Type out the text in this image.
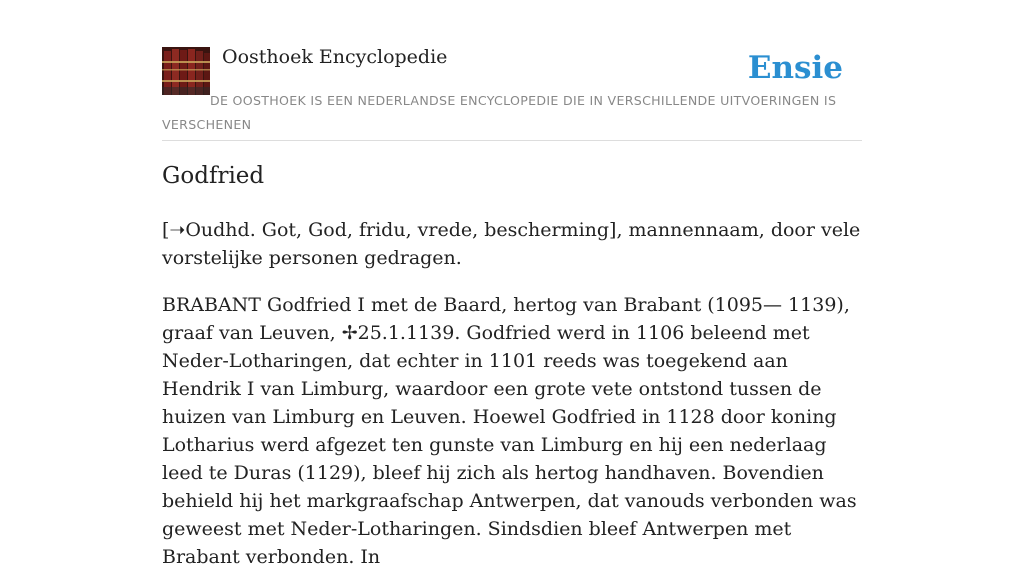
Oosthoek Encyclopedie	Ensie
DE OOSTHOEK IS EEN NEDERLANDSE ENCYCLOPEDIE DIE IN VERSCHILLENDE UITVOERINGEN IS VERSCHENEN
Godfried

[➝Oudhd. Got, God, fridu, vrede, bescherming], mannennaam, door vele vorstelijke personen gedragen.

BRABANT Godfried I met de Baard, hertog van Brabant (1095— 1139), graaf van Leuven, ✢25.1.1139. Godfried werd in 1106 beleend met Neder-Lotharingen, dat echter in 1101 reeds was toegekend aan Hendrik I van Limburg, waardoor een grote vete ontstond tussen de huizen van Limburg en Leuven. Hoewel Godfried in 1128 door koning Lotharius werd afgezet ten gunste van Limburg en hij een nederlaag leed te Duras (1129), bleef hij zich als hertog handhaven. Bovendien behield hij het markgraafschap Antwerpen, dat vanouds verbonden was geweest met Neder-Lotharingen. Sindsdien bleef Antwerpen met Brabant verbonden. In
